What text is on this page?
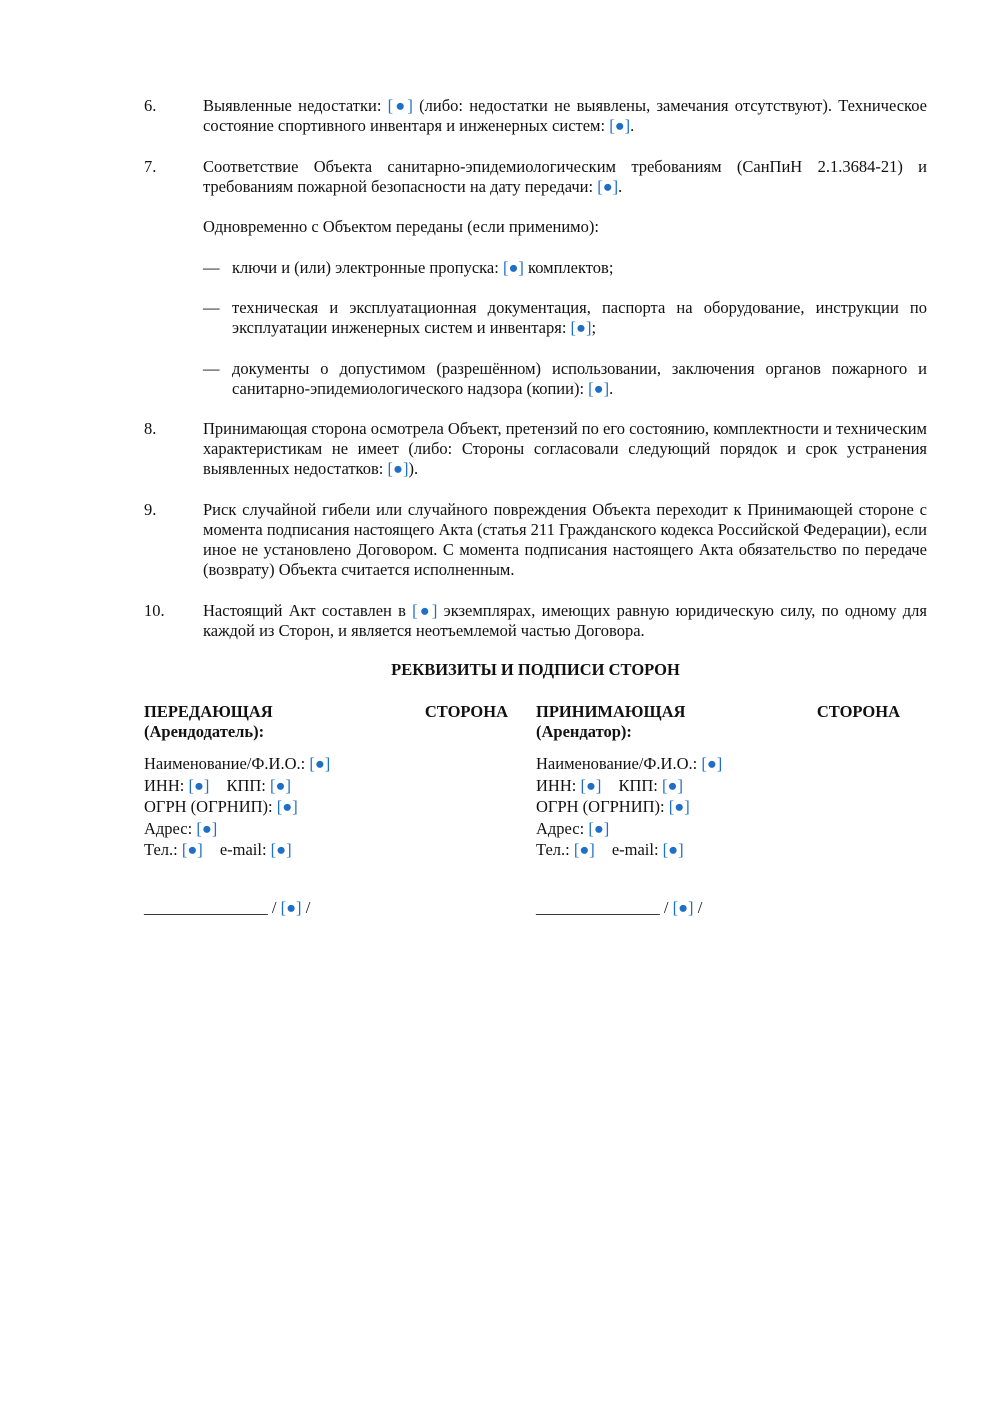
6.	Выявленные недостатки: [●] (либо: недостатки не выявлены, замечания отсутствуют). Техническое состояние спортивного инвентаря и инженерных систем: [●].
7.	Соответствие Объекта санитарно-эпидемиологическим требованиям (СанПиН 2.1.3684-21) и требованиям пожарной безопасности на дату передачи: [●].
Одновременно с Объектом переданы (если применимо):
— ключи и (или) электронные пропуска: [●] комплектов;
— техническая и эксплуатационная документация, паспорта на оборудование, инструкции по эксплуатации инженерных систем и инвентаря: [●];
— документы о допустимом (разрешённом) использовании, заключения органов пожарного и санитарно-эпидемиологического надзора (копии): [●].
8.	Принимающая сторона осмотрела Объект, претензий по его состоянию, комплектности и техническим характеристикам не имеет (либо: Стороны согласовали следующий порядок и срок устранения выявленных недостатков: [●]).
9.	Риск случайной гибели или случайного повреждения Объекта переходит к Принимающей стороне с момента подписания настоящего Акта (статья 211 Гражданского кодекса Российской Федерации), если иное не установлено Договором. С момента подписания настоящего Акта обязательство по передаче (возврату) Объекта считается исполненным.
10. Настоящий Акт составлен в [●] экземплярах, имеющих равную юридическую силу, по одному для каждой из Сторон, и является неотъемлемой частью Договора.
РЕКВИЗИТЫ И ПОДПИСИ СТОРОН
ПЕРЕДАЮЩАЯ	СТОРОНА
(Арендодатель):
Наименование/Ф.И.О.: [●]
ИНН: [●] КПП: [●]
ОГРН (ОГРНИП): [●]
Адрес: [●]
Тел.: [●] e-mail: [●]
ПРИНИМАЮЩАЯ	СТОРОНА
(Арендатор):
Наименование/Ф.И.О.: [●]
ИНН: [●] КПП: [●]
ОГРН (ОГРНИП): [●]
Адрес: [●]
Тел.: [●] e-mail: [●]
_______________ / [●] /	_______________ / [●] /
